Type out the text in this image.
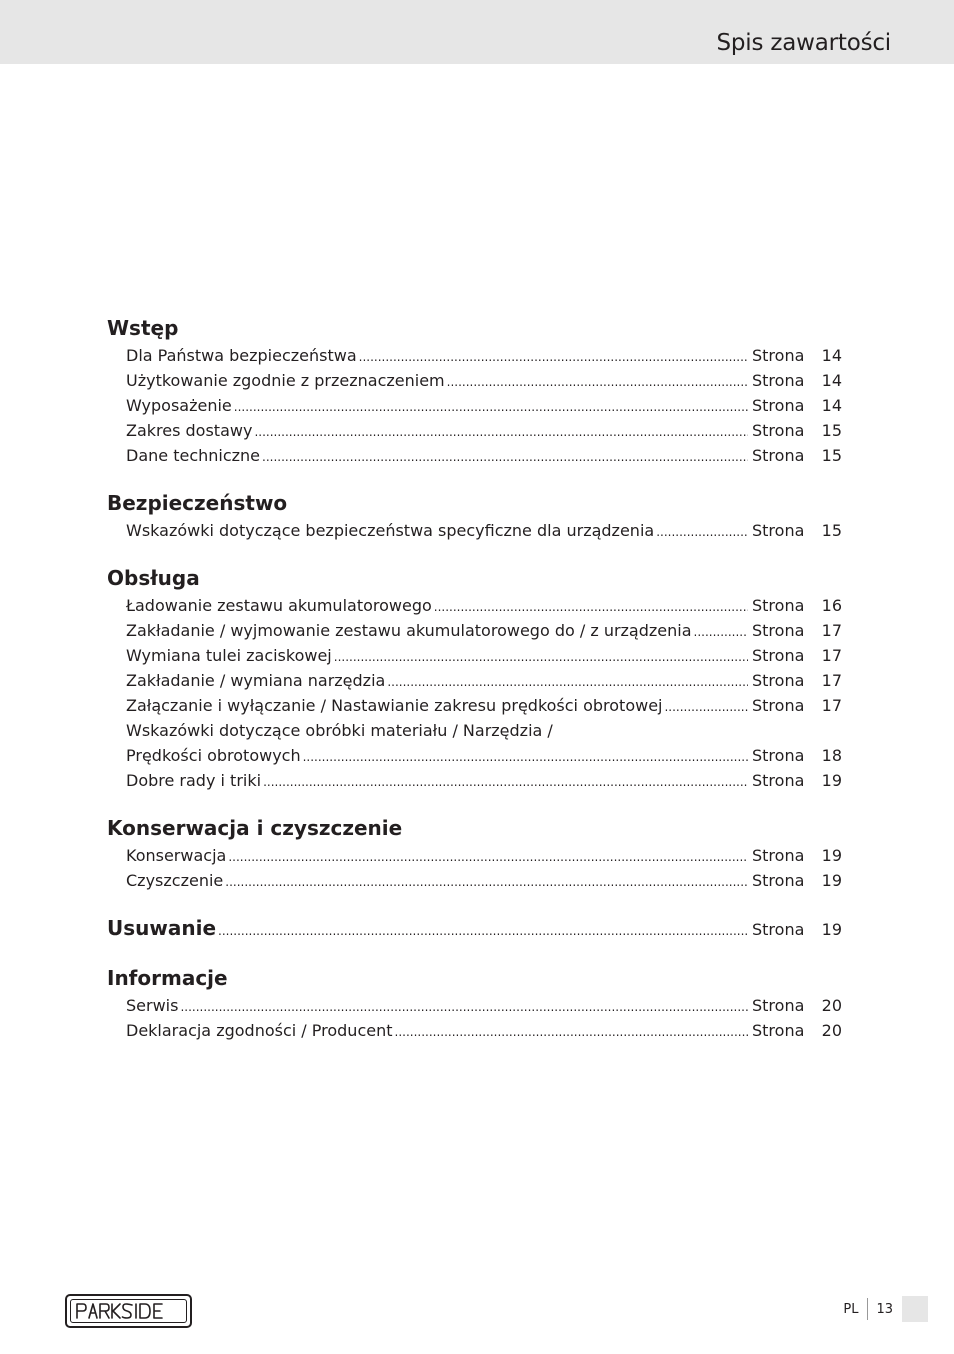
Spis zawartości
Wstęp
Dla Państwa bezpieczeństwa .....	Strona	14
Użytkowanie zgodnie z przeznaczeniem .....	Strona	14
Wyposażenie .....	Strona	14
Zakres dostawy .....	Strona	15
Dane techniczne .....	Strona	15
Bezpieczeństwo
Wskazówki dotyczące bezpieczeństwa specyficzne dla urządzenia .....	Strona	15
Obsługa
Ładowanie zestawu akumulatorowego .....	Strona	16
Zakładanie / wyjmowanie zestawu akumulatorowego do / z urządzenia .....	Strona	17
Wymiana tulei zaciskowej .....	Strona	17
Zakładanie / wymiana narzędzia .....	Strona	17
Załączanie i wyłączanie / Nastawianie zakresu prędkości obrotowej .....	Strona	17
Wskazówki dotyczące obróbki materiału / Narzędzia /
Prędkości obrotowych .....	Strona	18
Dobre rady i triki .....	Strona	19
Konserwacja i czyszczenie
Konserwacja .....	Strona	19
Czyszczenie .....	Strona	19
Usuwanie .....	Strona	19
Informacje
Serwis .....	Strona	20
Deklaracja zgodności / Producent .....	Strona	20
PL	13
